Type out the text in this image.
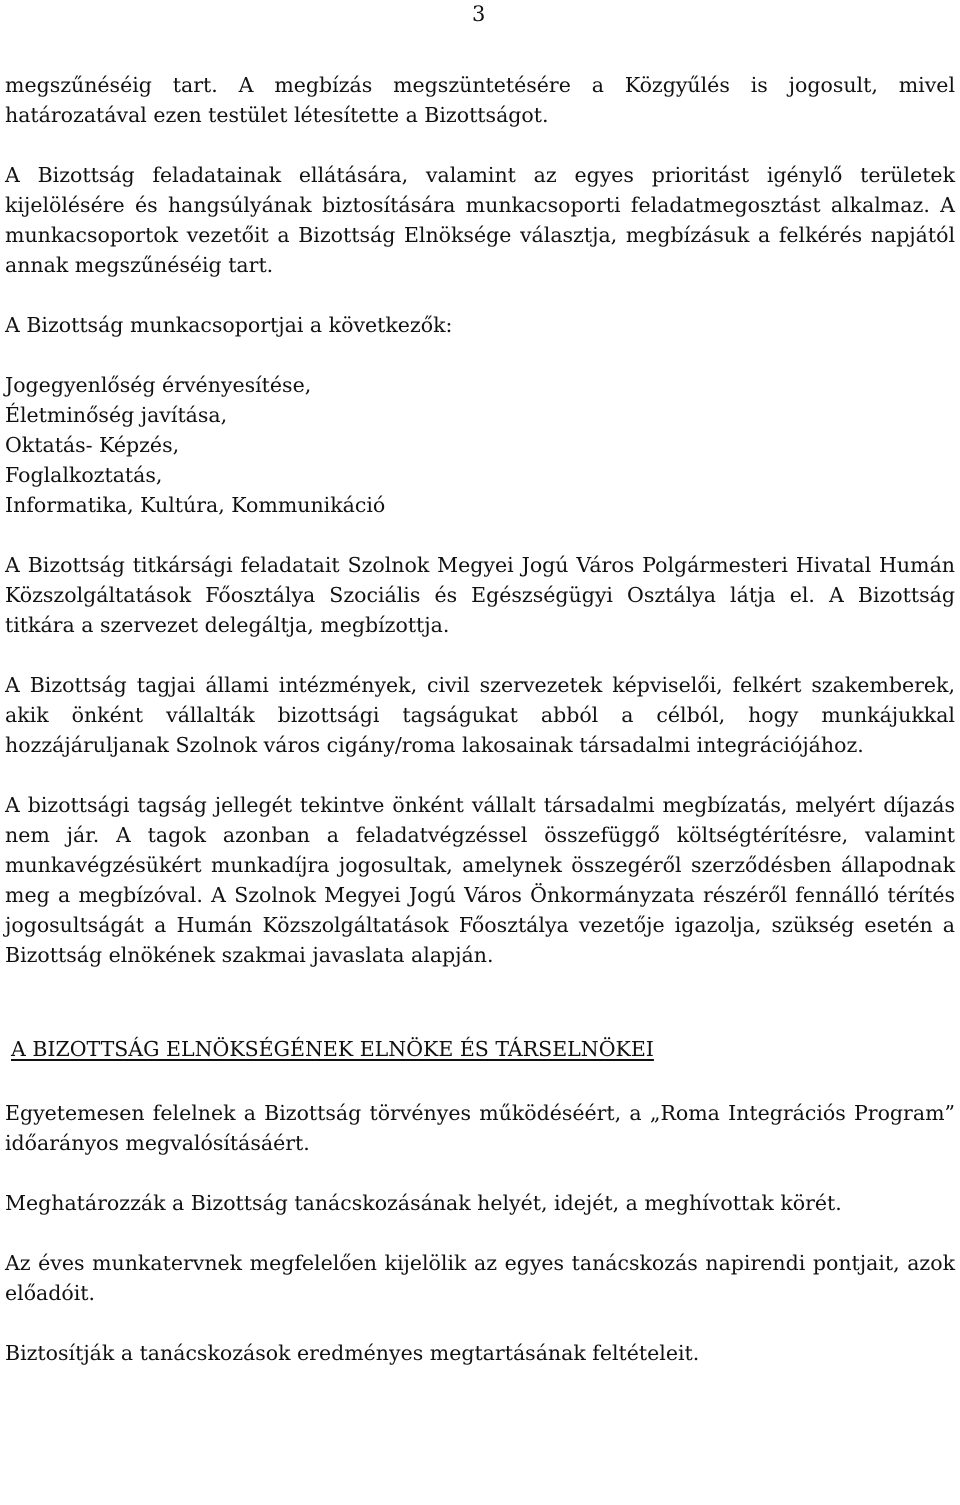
3

megszűnéséig tart. A megbízás megszüntetésére a Közgyűlés is jogosult, mivel határozatával ezen testület létesítette a Bizottságot.

A Bizottság feladatainak ellátására, valamint az egyes prioritást igénylő területek kijelölésére és hangsúlyának biztosítására munkacsoporti feladatmegosztást alkalmaz. A munkacsoportok vezetőit a Bizottság Elnöksége választja, megbízásuk a felkérés napjától annak megszűnéséig tart.

A Bizottság munkacsoportjai a következők:

Jogegyenlőség érvényesítése,

Életminőség javítása,

Oktatás- Képzés,

Foglalkoztatás,

Informatika, Kultúra, Kommunikáció

A Bizottság titkársági feladatait Szolnok Megyei Jogú Város Polgármesteri Hivatal Humán Közszolgáltatások Főosztálya Szociális és Egészségügyi Osztálya látja el. A Bizottság titkára a szervezet delegáltja, megbízottja.

A Bizottság tagjai állami intézmények, civil szervezetek képviselői, felkért szakemberek, akik önként vállalták bizottsági tagságukat abból a célból, hogy munkájukkal hozzájáruljanak Szolnok város cigány/roma lakosainak társadalmi integrációjához.

A bizottsági tagság jellegét tekintve önként vállalt társadalmi megbízatás, melyért díjazás nem jár. A tagok azonban a feladatvégzéssel összefüggő költségtérítésre, valamint munkavégzésükért munkadíjra jogosultak, amelynek összegéről szerződésben állapodnak meg a megbízóval. A Szolnok Megyei Jogú Város Önkormányzata részéről fennálló térítés jogosultságát a Humán Közszolgáltatások Főosztálya vezetője igazolja, szükség esetén a Bizottság elnökének szakmai javaslata alapján.

A BIZOTTSÁG ELNÖKSÉGÉNEK ELNÖKE ÉS TÁRSELNÖKEI

Egyetemesen felelnek a Bizottság törvényes működéséért, a „Roma Integrációs Program” időarányos megvalósításáért.

Meghatározzák a Bizottság tanácskozásának helyét, idejét, a meghívottak körét.

Az éves munkatervnek megfelelően kijelölik az egyes tanácskozás napirendi pontjait, azok előadóit.

Biztosítják a tanácskozások eredményes megtartásának feltételeit.
